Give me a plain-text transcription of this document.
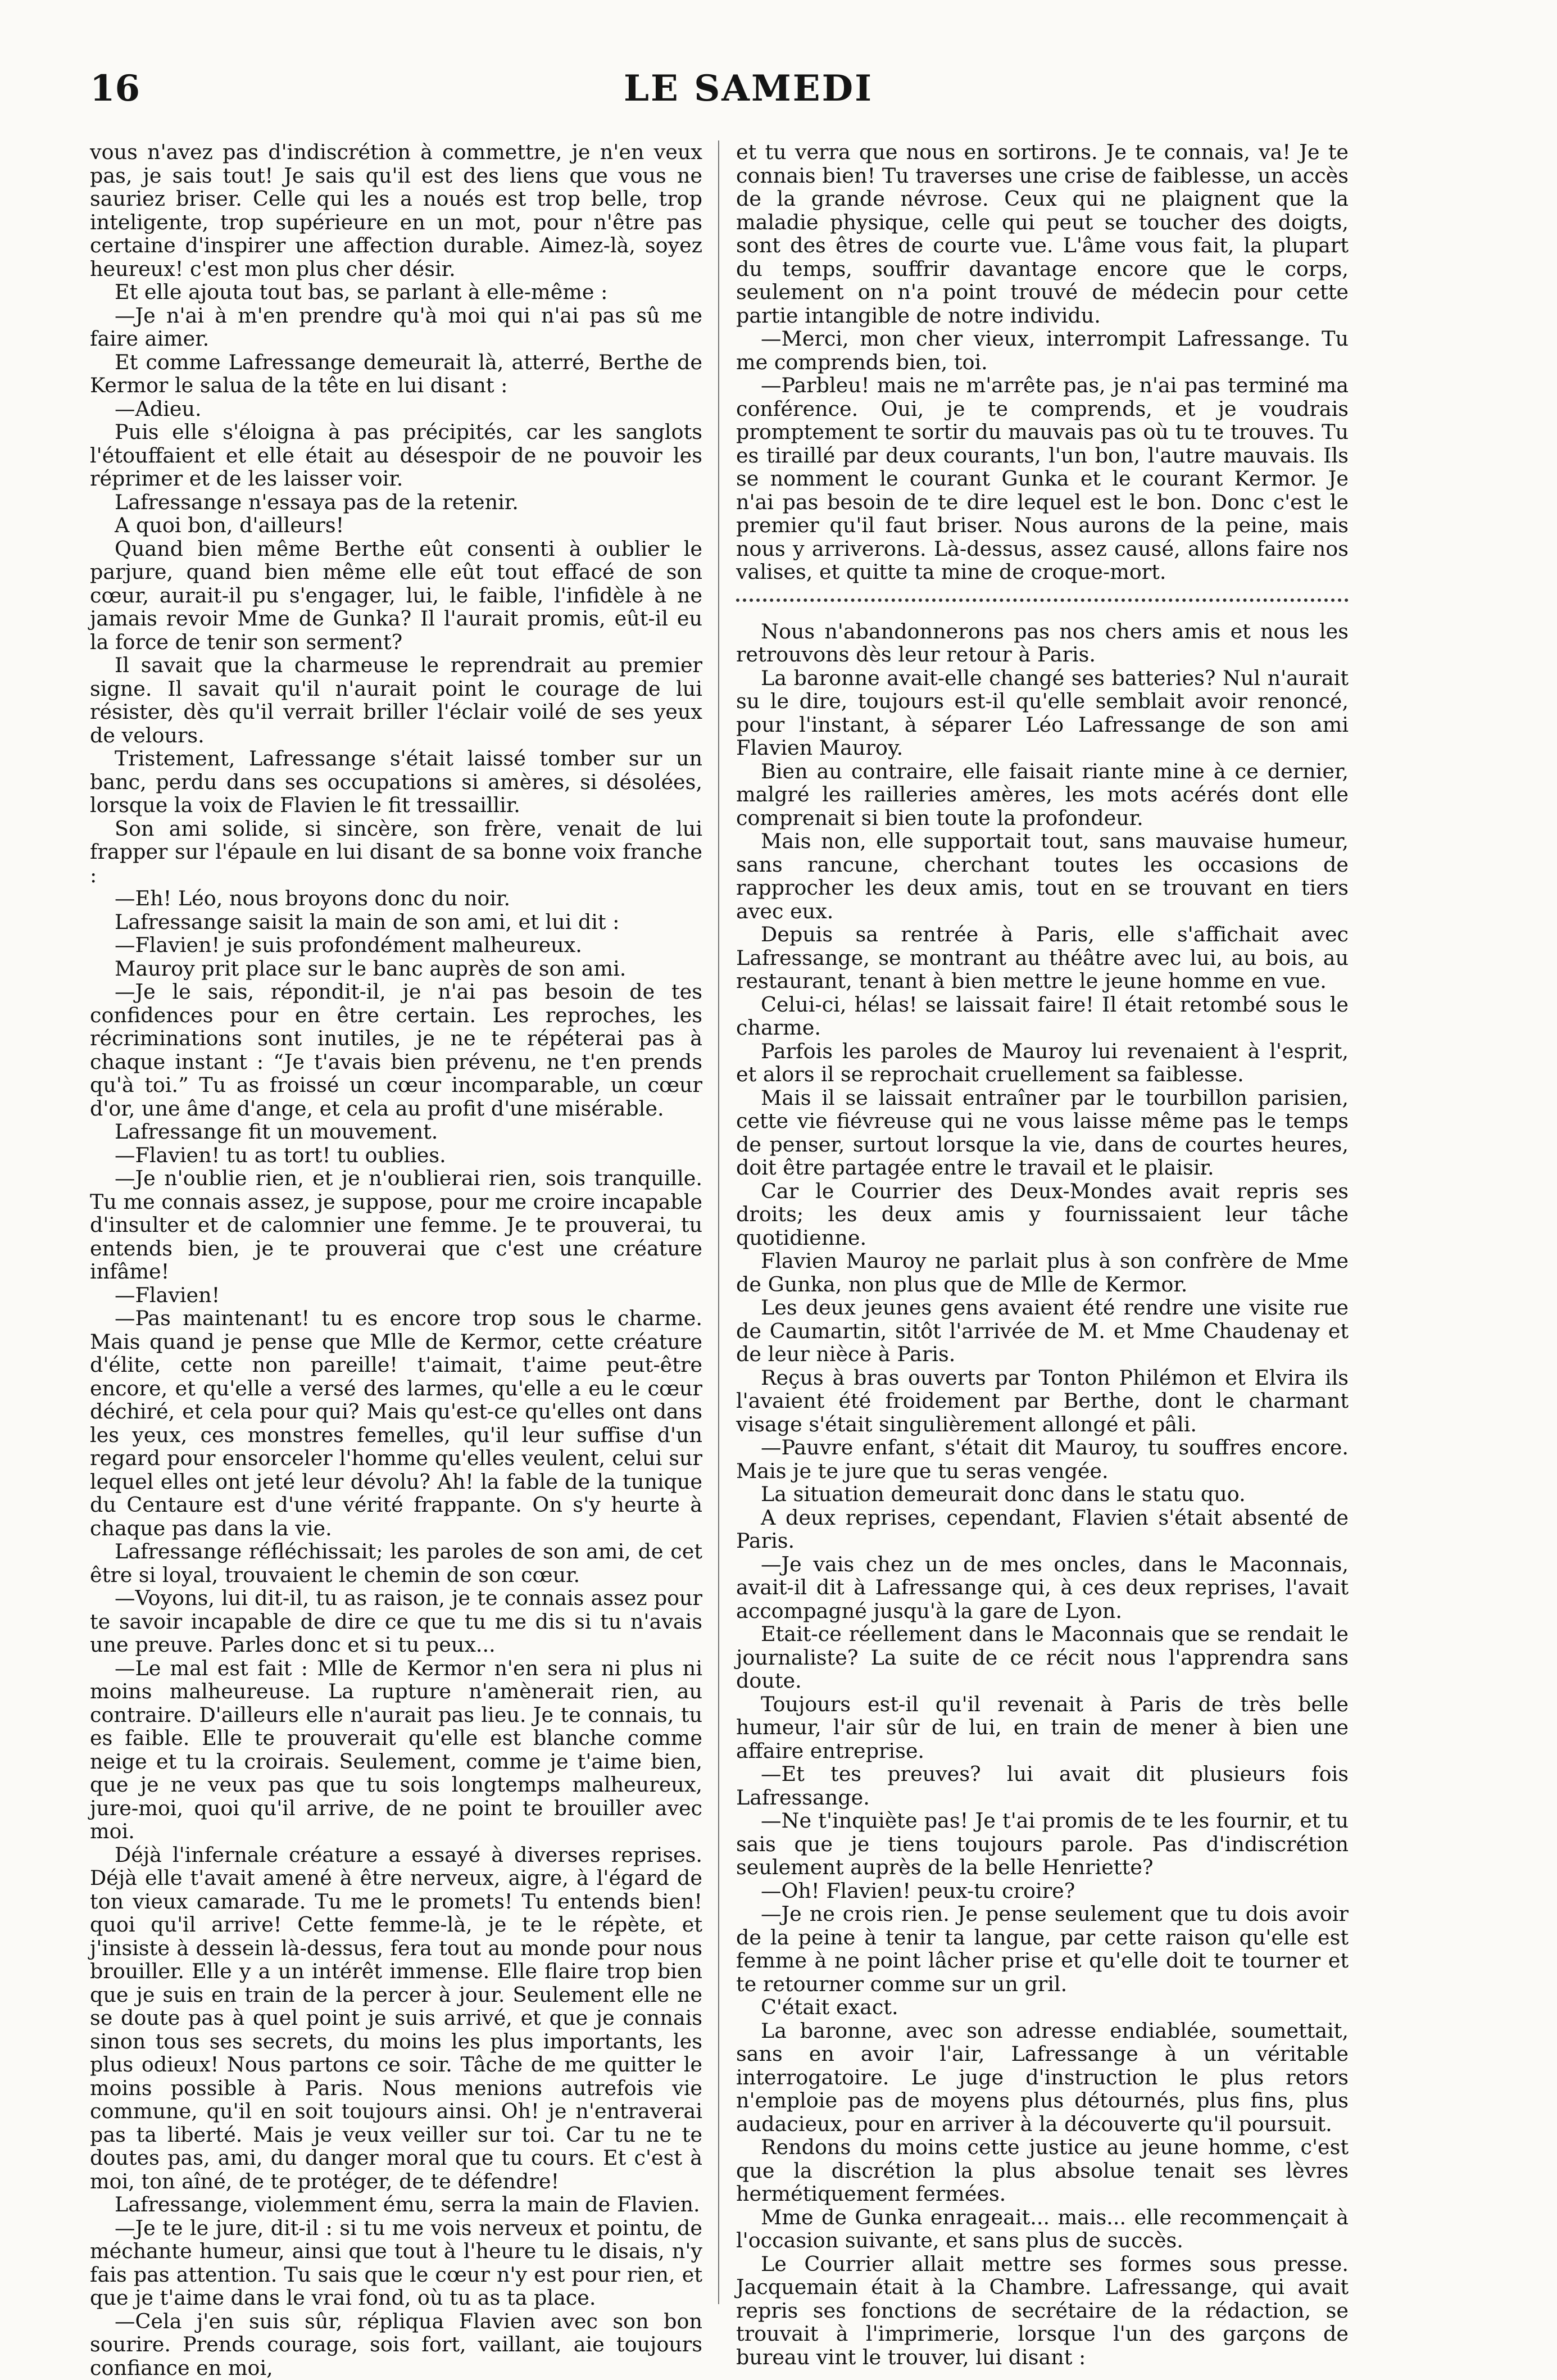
16	LE SAMEDI

vous n'avez pas d'indiscrétion à commettre, je n'en veux pas, je sais tout! Je sais qu'il est des liens que vous ne sauriez briser. Celle qui les a noués est trop belle, trop inteligente, trop supérieure en un mot, pour n'être pas certaine d'inspirer une affection durable. Aimez-là, soyez heureux! c'est mon plus cher désir.

Et elle ajouta tout bas, se parlant à elle-même :

—Je n'ai à m'en prendre qu'à moi qui n'ai pas sû me faire aimer.

Et comme Lafressange demeurait là, atterré, Berthe de Kermor le salua de la tête en lui disant :

—Adieu.

Puis elle s'éloigna à pas précipités, car les sanglots l'étouffaient et elle était au désespoir de ne pouvoir les réprimer et de les laisser voir.

Lafressange n'essaya pas de la retenir.

A quoi bon, d'ailleurs!

Quand bien même Berthe eût consenti à oublier le parjure, quand bien même elle eût tout effacé de son cœur, aurait-il pu s'engager, lui, le faible, l'infidèle à ne jamais revoir Mme de Gunka? Il l'aurait promis, eût-il eu la force de tenir son serment?

Il savait que la charmeuse le reprendrait au premier signe. Il savait qu'il n'aurait point le courage de lui résister, dès qu'il verrait briller l'éclair voilé de ses yeux de velours.

Tristement, Lafressange s'était laissé tomber sur un banc, perdu dans ses occupations si amères, si désolées, lorsque la voix de Flavien le fit tressaillir.

Son ami solide, si sincère, son frère, venait de lui frapper sur l'épaule en lui disant de sa bonne voix franche :

—Eh! Léo, nous broyons donc du noir.

Lafressange saisit la main de son ami, et lui dit :

—Flavien! je suis profondément malheureux.

Mauroy prit place sur le banc auprès de son ami.

—Je le sais, répondit-il, je n'ai pas besoin de tes confidences pour en être certain. Les reproches, les récriminations sont inutiles, je ne te répéterai pas à chaque instant : “Je t'avais bien prévenu, ne t'en prends qu'à toi.” Tu as froissé un cœur incomparable, un cœur d'or, une âme d'ange, et cela au profit d'une misérable.

Lafressange fit un mouvement.

—Flavien! tu as tort! tu oublies.

—Je n'oublie rien, et je n'oublierai rien, sois tranquille. Tu me connais assez, je suppose, pour me croire incapable d'insulter et de calomnier une femme. Je te prouverai, tu entends bien, je te prouverai que c'est une créature infâme!

—Flavien!

—Pas maintenant! tu es encore trop sous le charme. Mais quand je pense que Mlle de Kermor, cette créature d'élite, cette non pareille! t'aimait, t'aime peut-être encore, et qu'elle a versé des larmes, qu'elle a eu le cœur déchiré, et cela pour qui? Mais qu'est-ce qu'elles ont dans les yeux, ces monstres femelles, qu'il leur suffise d'un regard pour ensorceler l'homme qu'elles veulent, celui sur lequel elles ont jeté leur dévolu? Ah! la fable de la tunique du Centaure est d'une vérité frappante. On s'y heurte à chaque pas dans la vie.

Lafressange réfléchissait; les paroles de son ami, de cet être si loyal, trouvaient le chemin de son cœur.

—Voyons, lui dit-il, tu as raison, je te connais assez pour te savoir incapable de dire ce que tu me dis si tu n'avais une preuve. Parles donc et si tu peux...

—Le mal est fait : Mlle de Kermor n'en sera ni plus ni moins malheureuse. La rupture n'amènerait rien, au contraire. D'ailleurs elle n'aurait pas lieu. Je te connais, tu es faible. Elle te prouverait qu'elle est blanche comme neige et tu la croirais. Seulement, comme je t'aime bien, que je ne veux pas que tu sois longtemps malheureux, jure-moi, quoi qu'il arrive, de ne point te brouiller avec moi.

Déjà l'infernale créature a essayé à diverses reprises. Déjà elle t'avait amené à être nerveux, aigre, à l'égard de ton vieux camarade. Tu me le promets! Tu entends bien! quoi qu'il arrive! Cette femme-là, je te le répète, et j'insiste à dessein là-dessus, fera tout au monde pour nous brouiller. Elle y a un intérêt immense. Elle flaire trop bien que je suis en train de la percer à jour. Seulement elle ne se doute pas à quel point je suis arrivé, et que je connais sinon tous ses secrets, du moins les plus importants, les plus odieux! Nous partons ce soir. Tâche de me quitter le moins possible à Paris. Nous menions autrefois vie commune, qu'il en soit toujours ainsi. Oh! je n'entraverai pas ta liberté. Mais je veux veiller sur toi. Car tu ne te doutes pas, ami, du danger moral que tu cours. Et c'est à moi, ton aîné, de te protéger, de te défendre!

Lafressange, violemment ému, serra la main de Flavien.

—Je te le jure, dit-il : si tu me vois nerveux et pointu, de méchante humeur, ainsi que tout à l'heure tu le disais, n'y fais pas attention. Tu sais que le cœur n'y est pour rien, et que je t'aime dans le vrai fond, où tu as ta place.

—Cela j'en suis sûr, répliqua Flavien avec son bon sourire. Prends courage, sois fort, vaillant, aie toujours confiance en moi,

et tu verra que nous en sortirons. Je te connais, va! Je te connais bien! Tu traverses une crise de faiblesse, un accès de la grande névrose. Ceux qui ne plaignent que la maladie physique, celle qui peut se toucher des doigts, sont des êtres de courte vue. L'âme vous fait, la plupart du temps, souffrir davantage encore que le corps, seulement on n'a point trouvé de médecin pour cette partie intangible de notre individu.

—Merci, mon cher vieux, interrompit Lafressange. Tu me comprends bien, toi.

—Parbleu! mais ne m'arrête pas, je n'ai pas terminé ma conférence. Oui, je te comprends, et je voudrais promptement te sortir du mauvais pas où tu te trouves. Tu es tiraillé par deux courants, l'un bon, l'autre mauvais. Ils se nomment le courant Gunka et le courant Kermor. Je n'ai pas besoin de te dire lequel est le bon. Donc c'est le premier qu'il faut briser. Nous aurons de la peine, mais nous y arriverons. Là-dessus, assez causé, allons faire nos valises, et quitte ta mine de croque-mort.

Nous n'abandonnerons pas nos chers amis et nous les retrouvons dès leur retour à Paris.

La baronne avait-elle changé ses batteries? Nul n'aurait su le dire, toujours est-il qu'elle semblait avoir renoncé, pour l'instant, à séparer Léo Lafressange de son ami Flavien Mauroy.

Bien au contraire, elle faisait riante mine à ce dernier, malgré les railleries amères, les mots acérés dont elle comprenait si bien toute la profondeur.

Mais non, elle supportait tout, sans mauvaise humeur, sans rancune, cherchant toutes les occasions de rapprocher les deux amis, tout en se trouvant en tiers avec eux.

Depuis sa rentrée à Paris, elle s'affichait avec Lafressange, se montrant au théâtre avec lui, au bois, au restaurant, tenant à bien mettre le jeune homme en vue.

Celui-ci, hélas! se laissait faire! Il était retombé sous le charme.

Parfois les paroles de Mauroy lui revenaient à l'esprit, et alors il se reprochait cruellement sa faiblesse.

Mais il se laissait entraîner par le tourbillon parisien, cette vie fiévreuse qui ne vous laisse même pas le temps de penser, surtout lorsque la vie, dans de courtes heures, doit être partagée entre le travail et le plaisir.

Car le Courrier des Deux-Mondes avait repris ses droits; les deux amis y fournissaient leur tâche quotidienne.

Flavien Mauroy ne parlait plus à son confrère de Mme de Gunka, non plus que de Mlle de Kermor.

Les deux jeunes gens avaient été rendre une visite rue de Caumartin, sitôt l'arrivée de M. et Mme Chaudenay et de leur nièce à Paris.

Reçus à bras ouverts par Tonton Philémon et Elvira ils l'avaient été froidement par Berthe, dont le charmant visage s'était singulièrement allongé et pâli.

—Pauvre enfant, s'était dit Mauroy, tu souffres encore. Mais je te jure que tu seras vengée.

La situation demeurait donc dans le statu quo.

A deux reprises, cependant, Flavien s'était absenté de Paris.

—Je vais chez un de mes oncles, dans le Maconnais, avait-il dit à Lafressange qui, à ces deux reprises, l'avait accompagné jusqu'à la gare de Lyon.

Etait-ce réellement dans le Maconnais que se rendait le journaliste? La suite de ce récit nous l'apprendra sans doute.

Toujours est-il qu'il revenait à Paris de très belle humeur, l'air sûr de lui, en train de mener à bien une affaire entreprise.

—Et tes preuves? lui avait dit plusieurs fois Lafressange.

—Ne t'inquiète pas! Je t'ai promis de te les fournir, et tu sais que je tiens toujours parole. Pas d'indiscrétion seulement auprès de la belle Henriette?

—Oh! Flavien! peux-tu croire?

—Je ne crois rien. Je pense seulement que tu dois avoir de la peine à tenir ta langue, par cette raison qu'elle est femme à ne point lâcher prise et qu'elle doit te tourner et te retourner comme sur un gril.

C'était exact.

La baronne, avec son adresse endiablée, soumettait, sans en avoir l'air, Lafressange à un véritable interrogatoire. Le juge d'instruction le plus retors n'emploie pas de moyens plus détournés, plus fins, plus audacieux, pour en arriver à la découverte qu'il poursuit.

Rendons du moins cette justice au jeune homme, c'est que la discrétion la plus absolue tenait ses lèvres hermétiquement fermées.

Mme de Gunka enrageait... mais... elle recommençait à l'occasion suivante, et sans plus de succès.

Le Courrier allait mettre ses formes sous presse. Jacquemain était à la Chambre. Lafressange, qui avait repris ses fonctions de secrétaire de la rédaction, se trouvait à l'imprimerie, lorsque l'un des garçons de bureau vint le trouver, lui disant :
